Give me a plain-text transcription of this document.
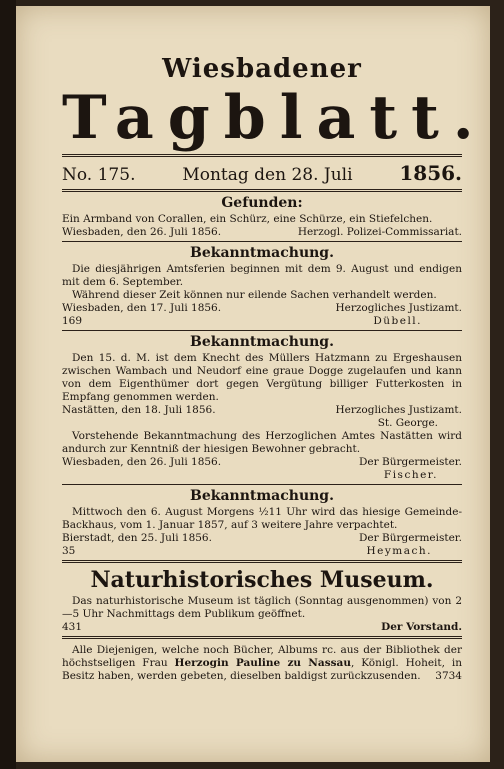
Wiesbadener
Tagblatt.
No. 175.	Montag den 28. Juli 1856.
Gefunden:
Ein Armband von Corallen, ein Schürz, eine Schürze, ein Stiefelchen.
Wiesbaden, den 26. Juli 1856.	Herzogl. Polizei-Commissariat.
Bekanntmachung.
Die diesjährigen Amtsferien beginnen mit dem 9. August und endigen mit dem 6. September.
Während dieser Zeit können nur eilende Sachen verhandelt werden.
Wiesbaden, den 17. Juli 1856.	Herzogliches Justizamt.
169	Dübell.
Bekanntmachung.
Den 15. d. M. ist dem Knecht des Müllers Hatzmann zu Ergeshausen zwischen Wambach und Neudorf eine graue Dogge zugelaufen und kann von dem Eigenthümer dort gegen Vergütung billiger Futterkosten in Empfang genommen werden.
Nastätten, den 18. Juli 1856.	Herzogliches Justizamt.
St. George.
Vorstehende Bekanntmachung des Herzoglichen Amtes Nastätten wird andurch zur Kenntniß der hiesigen Bewohner gebracht.
Wiesbaden, den 26. Juli 1856.	Der Bürgermeister.
Fischer.
Bekanntmachung.
Mittwoch den 6. August Morgens ½11 Uhr wird das hiesige Gemeinde-Backhaus, vom 1. Januar 1857, auf 3 weitere Jahre verpachtet.
Bierstadt, den 25. Juli 1856.	Der Bürgermeister.
35	Heymach.
Naturhistorisches Museum.
Das naturhistorische Museum ist täglich (Sonntag ausgenommen) von 2—5 Uhr Nachmittags dem Publikum geöffnet.
431	Der Vorstand.
Alle Diejenigen, welche noch Bücher, Albums rc. aus der Bibliothek der höchstseligen Frau Herzogin Pauline zu Nassau, Königl. Hoheit, in Besitz haben, werden gebeten, dieselben baldigst zurückzusenden. 3734
